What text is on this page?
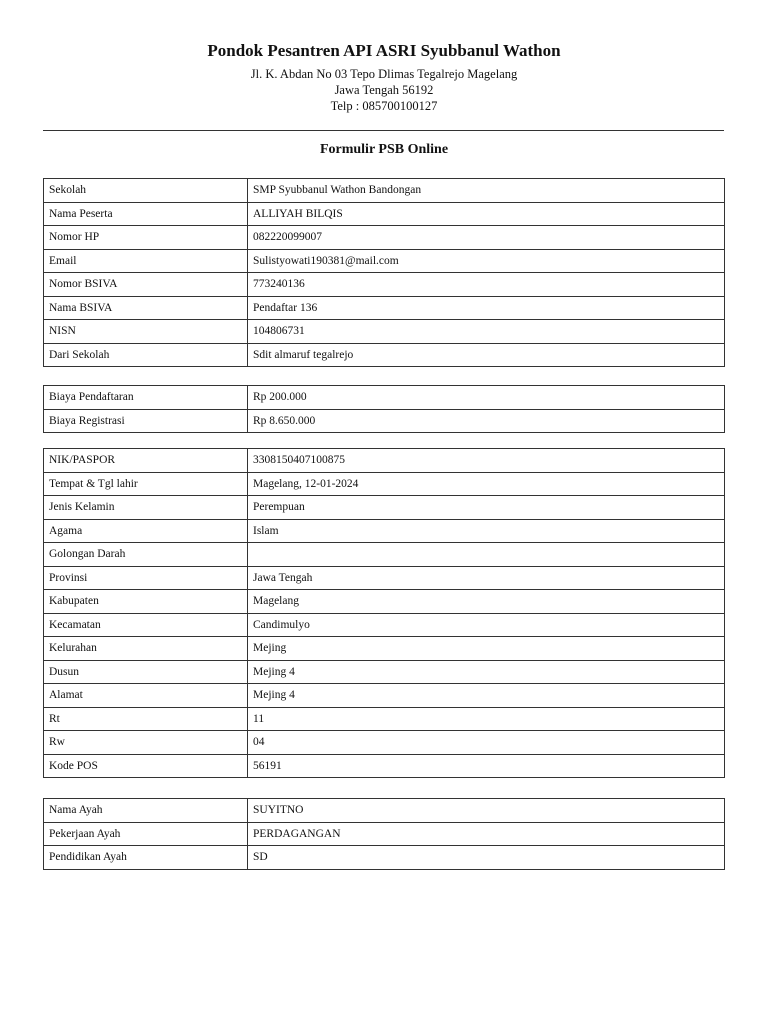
Pondok Pesantren API ASRI Syubbanul Wathon
Jl. K. Abdan No 03 Tepo Dlimas Tegalrejo Magelang
Jawa Tengah 56192
Telp : 085700100127
Formulir PSB Online
Sekolah	SMP Syubbanul Wathon Bandongan
Nama Peserta	ALLIYAH BILQIS
Nomor HP	082220099007
Email	Sulistyowati190381@mail.com
Nomor BSIVA	773240136
Nama BSIVA	Pendaftar 136
NISN	104806731
Dari Sekolah	Sdit almaruf tegalrejo
Biaya Pendaftaran	Rp 200.000
Biaya Registrasi	Rp 8.650.000
NIK/PASPOR	3308150407100875
Tempat & Tgl lahir	Magelang, 12-01-2024
Jenis Kelamin	Perempuan
Agama	Islam
Golongan Darah	
Provinsi	Jawa Tengah
Kabupaten	Magelang
Kecamatan	Candimulyo
Kelurahan	Mejing
Dusun	Mejing 4
Alamat	Mejing 4
Rt	11
Rw	04
Kode POS	56191
Nama Ayah	SUYITNO
Pekerjaan Ayah	PERDAGANGAN
Pendidikan Ayah	SD
